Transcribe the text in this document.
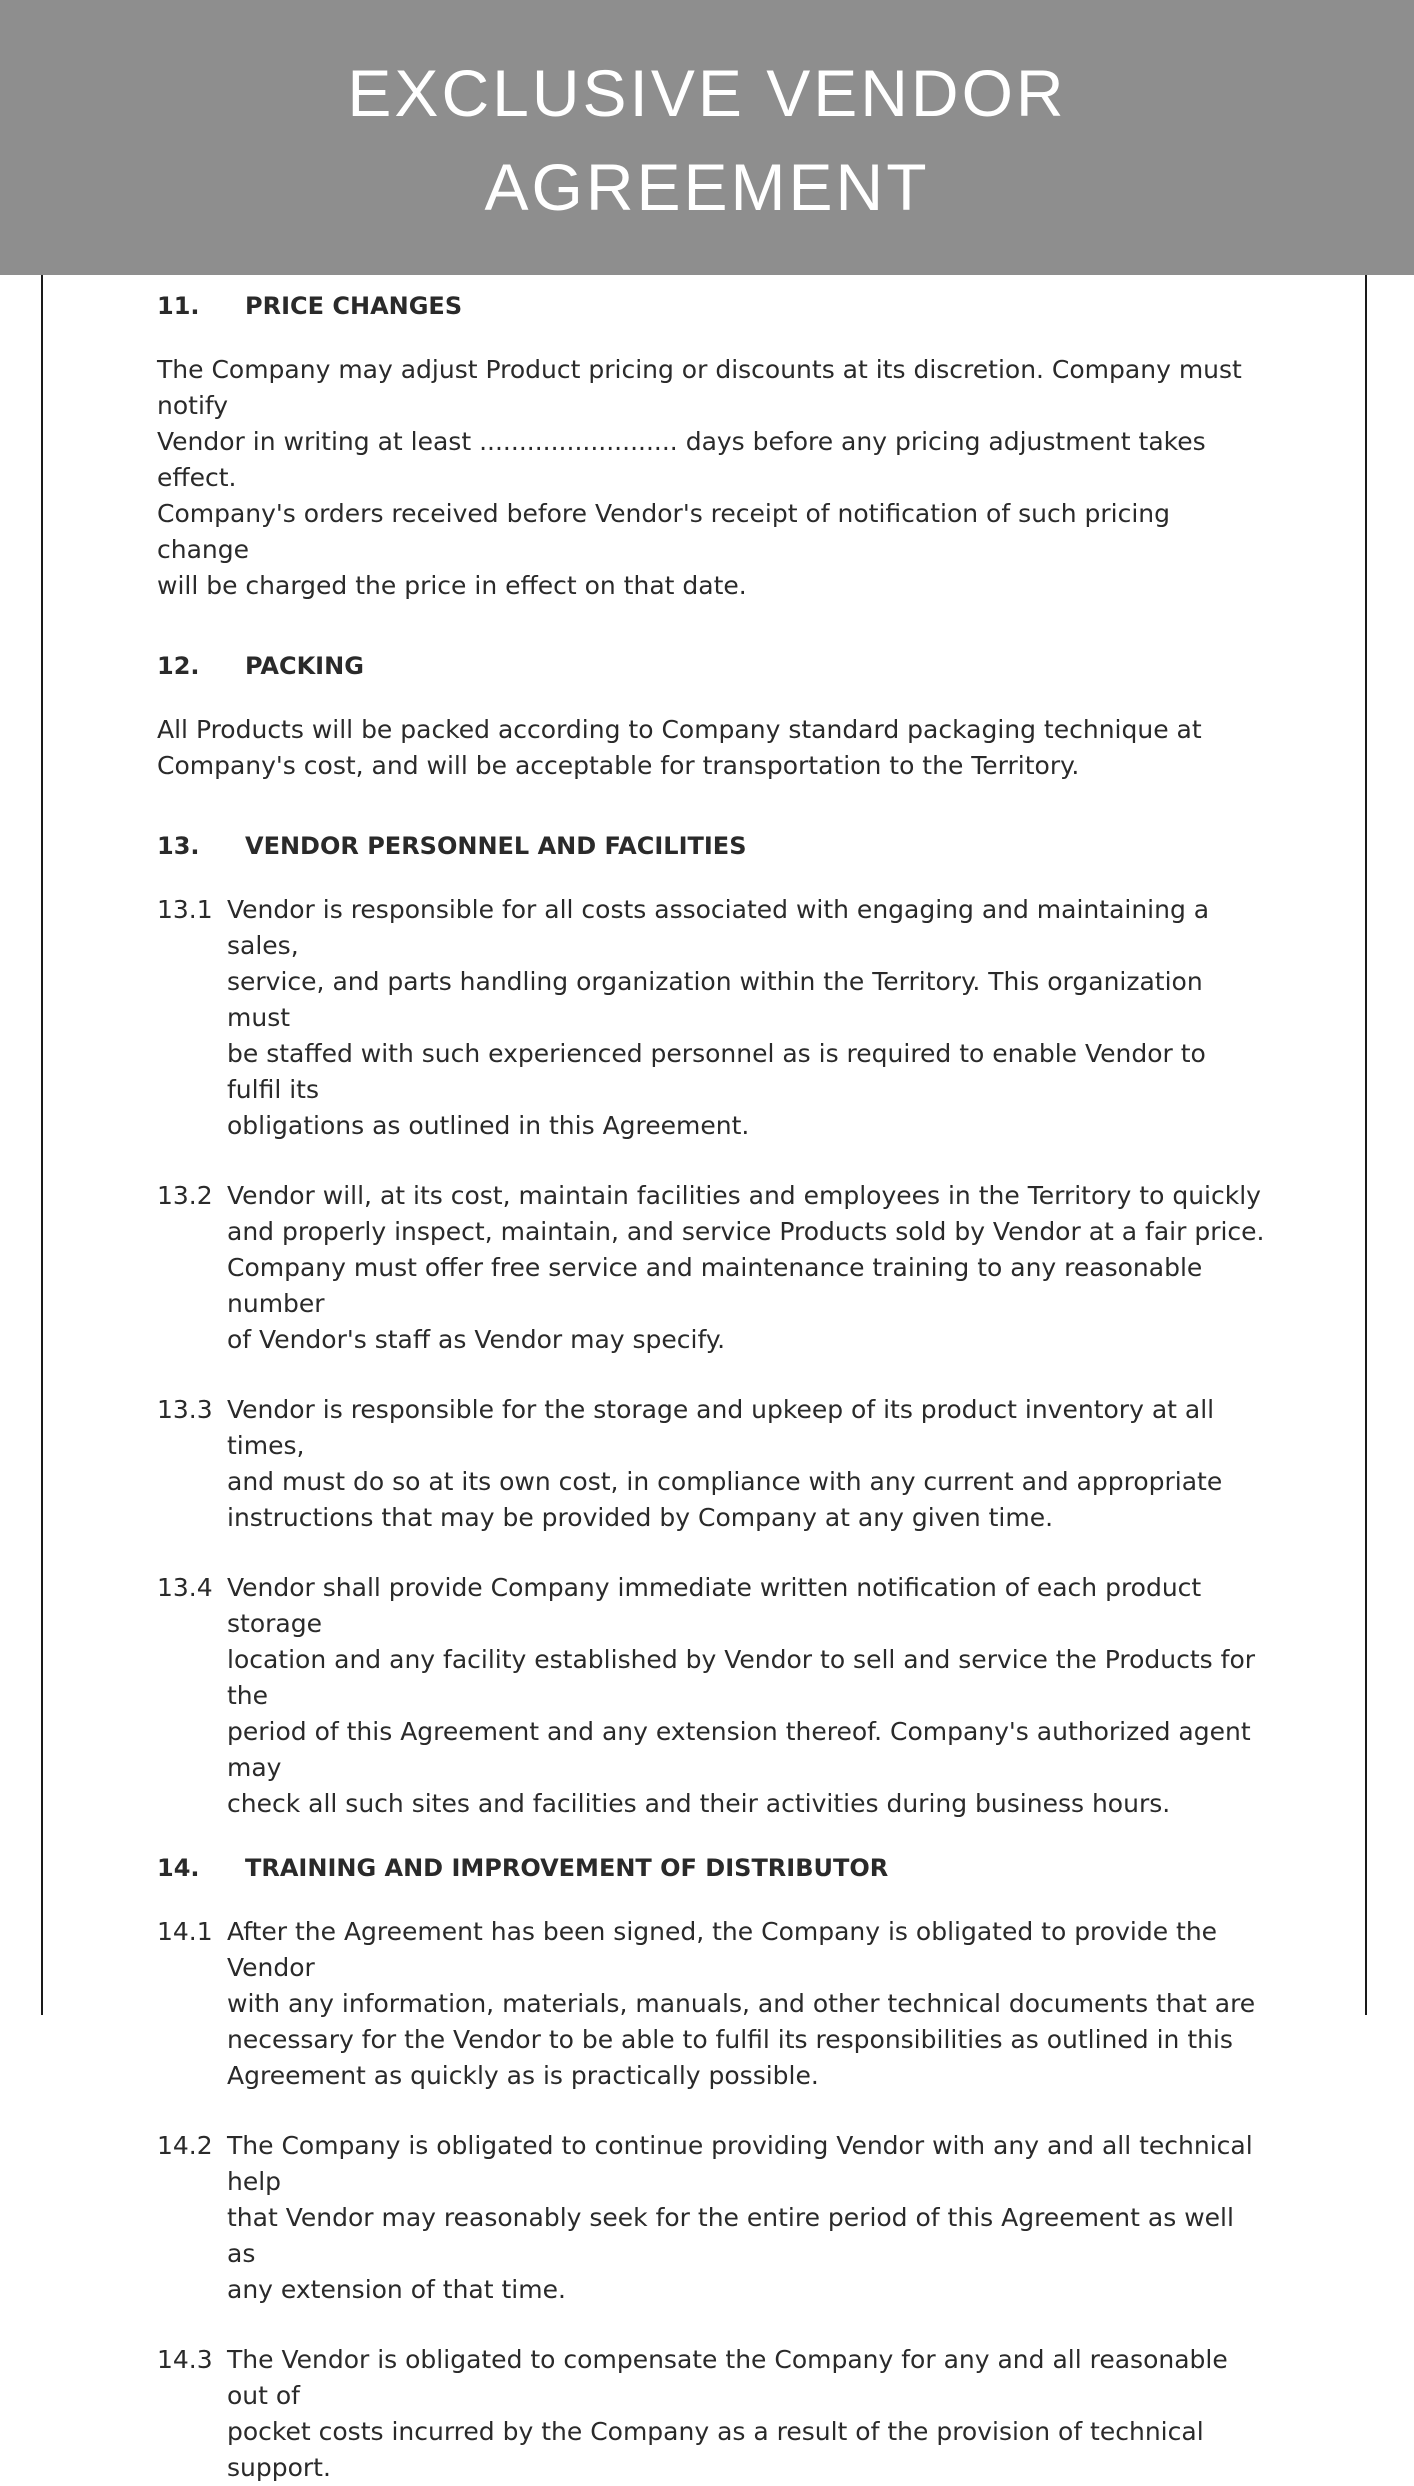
EXCLUSIVE VENDOR
AGREEMENT
11.	PRICE CHANGES
The Company may adjust Product pricing or discounts at its discretion. Company must notify
Vendor in writing at least ......................... days before any pricing adjustment takes effect.
Company's orders received before Vendor's receipt of notification of such pricing change
will be charged the price in effect on that date.
12.	PACKING
All Products will be packed according to Company standard packaging technique at
Company's cost, and will be acceptable for transportation to the Territory.
13.	VENDOR PERSONNEL AND FACILITIES
13.1 Vendor is responsible for all costs associated with engaging and maintaining a sales,
service, and parts handling organization within the Territory. This organization must
be staffed with such experienced personnel as is required to enable Vendor to fulfil its
obligations as outlined in this Agreement.
13.2 Vendor will, at its cost, maintain facilities and employees in the Territory to quickly
and properly inspect, maintain, and service Products sold by Vendor at a fair price.
Company must offer free service and maintenance training to any reasonable number
of Vendor's staff as Vendor may specify.
13.3 Vendor is responsible for the storage and upkeep of its product inventory at all times,
and must do so at its own cost, in compliance with any current and appropriate
instructions that may be provided by Company at any given time.
13.4 Vendor shall provide Company immediate written notification of each product storage
location and any facility established by Vendor to sell and service the Products for the
period of this Agreement and any extension thereof. Company's authorized agent may
check all such sites and facilities and their activities during business hours.
14.	TRAINING AND IMPROVEMENT OF DISTRIBUTOR
14.1 After the Agreement has been signed, the Company is obligated to provide the Vendor
with any information, materials, manuals, and other technical documents that are
necessary for the Vendor to be able to fulfil its responsibilities as outlined in this
Agreement as quickly as is practically possible.
14.2 The Company is obligated to continue providing Vendor with any and all technical help
that Vendor may reasonably seek for the entire period of this Agreement as well as
any extension of that time.
14.3 The Vendor is obligated to compensate the Company for any and all reasonable out of
pocket costs incurred by the Company as a result of the provision of technical support.
